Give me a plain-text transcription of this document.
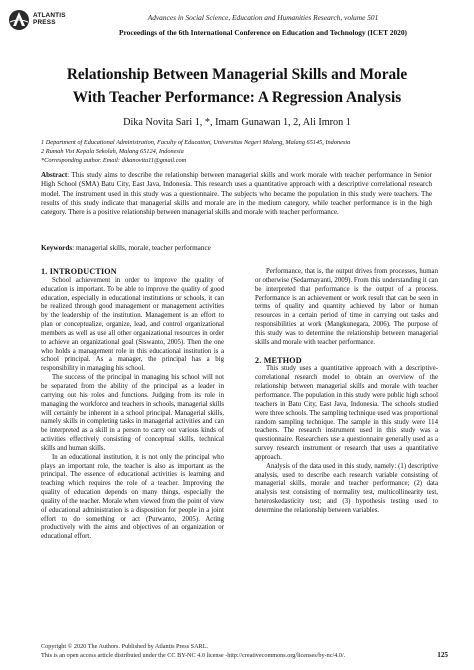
ATLANTIS
PRESS
Advances in Social Science, Education and Humanities Research, volume 501
Proceedings of the 6th International Conference on Education and Technology (ICET 2020)
Relationship Between Managerial Skills and Morale
With Teacher Performance: A Regression Analysis
Dika Novita Sari 1, *, Imam Gunawan 1, 2, Ali Imron 1
1 Department of Educational Administration, Faculty of Education, Universitas Negeri Malang, Malang 65145, Indonesia
2 Rumah Visi Kepala Sekolah, Malang 65124, Indonesia
*Corresponding author. Email: dikanovita11@gmail.com
Abstract: This study aims to describe the relationship between managerial skills and work morale with teacher performance in Senior High School (SMA) Batu City, East Java, Indonesia. This research uses a quantitative approach with a descriptive correlational research model. The instrument used in this study was a questionnaire. The subjects who became the population in this study were teachers. The results of this study indicate that managerial skills and morale are in the medium category, while teacher performance is in the high category. There is a positive relationship between managerial skills and morale with teacher performance.
Keywords: managerial skills, morale, teacher performance

1. INTRODUCTION

School achievement in order to improve the quality of education is important. To be able to improve the quality of good education, especially in educational institutions or schools, it can be realized through good management or management activities by the leadership of the institution. Management is an effort to plan or conceptualize, organize, lead, and control organizational members as well as use all other organizational resources in order to achieve an organizational goal (Siswanto, 2005). Then the one who holds a management role in this educational institution is a school principal. As a manager, the principal has a big responsibility in managing his school.

The success of the principal in managing his school will not be separated from the ability of the principal as a leader in carrying out his roles and functions. Judging from its role in managing the workforce and teachers in schools, managerial skills will certainly be inherent in a school principal. Managerial skills, namely skills in completing tasks in managerial activities and can be interpreted as a skill in a person to carry out various kinds of activities effectively consisting of conceptual skills, technical skills and human skills.

In an educational institution, it is not only the principal who plays an important role, the teacher is also as important as the principal. The essence of educational activities is learning and teaching which requires the role of a teacher. Improving the quality of education depends on many things, especially the quality of the teacher. Morale when viewed from the point of view of educational administration is a disposition for people in a joint effort to do something or act (Purwanto, 2005). Acting productively with the aims and objectives of an organization or educational effort.

Performance, that is, the output drives from processes, human or otherwise (Sedarmayanti, 2009). From this understanding it can be interpreted that performance is the output of a process. Performance is an achievement or work result that can be seen in terms of quality and quantity achieved by labor or human resources in a certain period of time in carrying out tasks and responsibilities at work (Mangkunegara, 2006). The purpose of this study was to determine the relationship between managerial skills and morale with teacher performance.

2. METHOD

This study uses a quantitative approach with a descriptive-correlational research model to obtain an overview of the relationship between managerial skills and morale with teacher performance. The population in this study were public high school teachers in Batu City, East Java, Indonesia. The schools studied were three schools. The sampling technique used was proportional random sampling technique. The sample in this study were 114 teachers. The research instrument used in this study was a questionnaire. Researchers use a questionnaire generally used as a survey research instrument or research that uses a quantitative approach.

Analysis of the data used in this study, namely: (1) descriptive analysis, used to describe each research variable consisting of managerial skills, morale and teacher performance; (2) data analysis test consisting of normality test, multicollinearity test, heteroskedasticity test; and (3) hypothesis testing used to determine the relationship between variables.

Copyright © 2020 The Authors. Published by Atlantis Press SARL.
This is an open access article distributed under the CC BY-NC 4.0 license -http://creativecommons.org/licenses/by-nc/4.0/.	125
